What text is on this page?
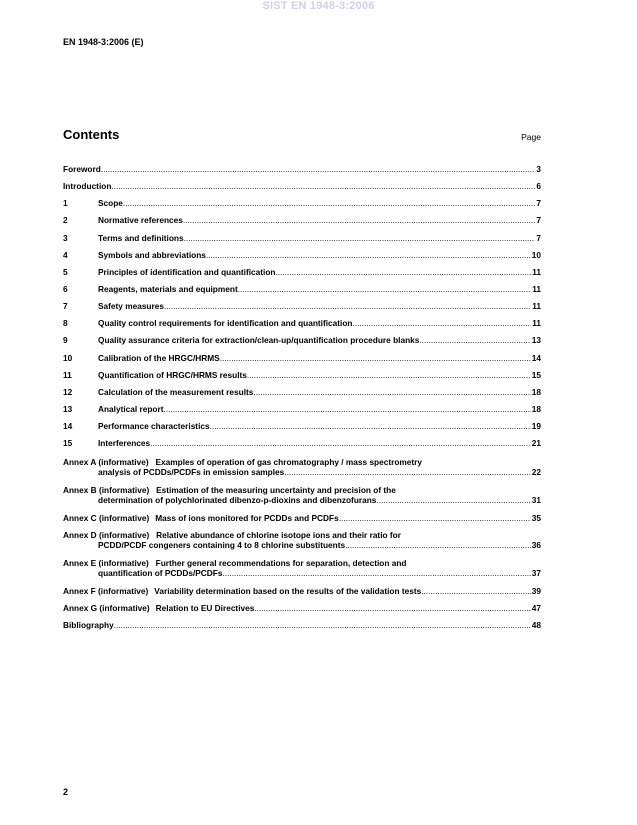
SIST EN 1948-3:2006
EN 1948-3:2006 (E)
Contents	Page
Foreword .....	3
Introduction .....	6
1	Scope .....	7
2	Normative references .....	7
3	Terms and definitions .....	7
4	Symbols and abbreviations .....	10
5	Principles of identification and quantification .....	11
6	Reagents, materials and equipment .....	11
7	Safety measures .....	11
8	Quality control requirements for identification and quantification .....	11
9	Quality assurance criteria for extraction/clean-up/quantification procedure blanks .....	13
10	Calibration of the HRGC/HRMS .....	14
11	Quantification of HRGC/HRMS results .....	15
12	Calculation of the measurement results .....	18
13	Analytical report .....	18
14	Performance characteristics .....	19
15	Interferences .....	21
Annex A (informative) Examples of operation of gas chromatography / mass spectrometry
analysis of PCDDs/PCDFs in emission samples .....	22
Annex B (informative) Estimation of the measuring uncertainty and precision of the
determination of polychlorinated dibenzo-p-dioxins and dibenzofurans .....	31
Annex C (informative) Mass of ions monitored for PCDDs and PCDFs .....	35
Annex D (informative) Relative abundance of chlorine isotope ions and their ratio for
PCDD/PCDF congeners containing 4 to 8 chlorine substituents .....	36
Annex E (informative) Further general recommendations for separation, detection and
quantification of PCDDs/PCDFs .....	37
Annex F (informative) Variability determination based on the results of the validation tests .....	39
Annex G (informative) Relation to EU Directives .....	47
Bibliography .....	48
2
